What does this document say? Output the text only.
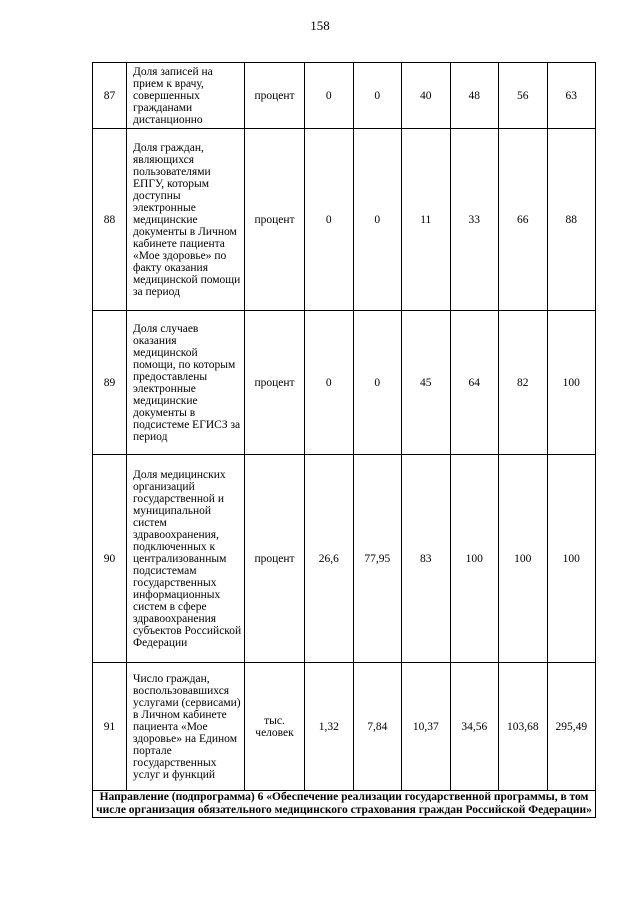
158
87	Доля записей на прием к врачу, совершенных гражданами дистанционно	процент	0	0	40	48	56	63
88	Доля граждан, являющихся пользователями ЕПГУ, которым доступны электронные медицинские документы в Личном кабинете пациента «Мое здоровье» по факту оказания медицинской помощи за период	процент	0	0	11	33	66	88
89	Доля случаев оказания медицинской помощи, по которым предоставлены электронные медицинские документы в подсистеме ЕГИСЗ за период	процент	0	0	45	64	82	100
90	Доля медицинских организаций государственной и муниципальной систем здравоохранения, подключенных к централизованным подсистемам государственных информационных систем в сфере здравоохранения субъектов Российской Федерации	процент	26,6	77,95	83	100	100	100
91	Число граждан, воспользовавшихся услугами (сервисами) в Личном кабинете пациента «Мое здоровье» на Едином портале государственных услуг и функций	тыс. человек	1,32	7,84	10,37	34,56	103,68	295,49
Направление (подпрограмма) 6 «Обеспечение реализации государственной программы, в том числе организация обязательного медицинского страхования граждан Российской Федерации»								
